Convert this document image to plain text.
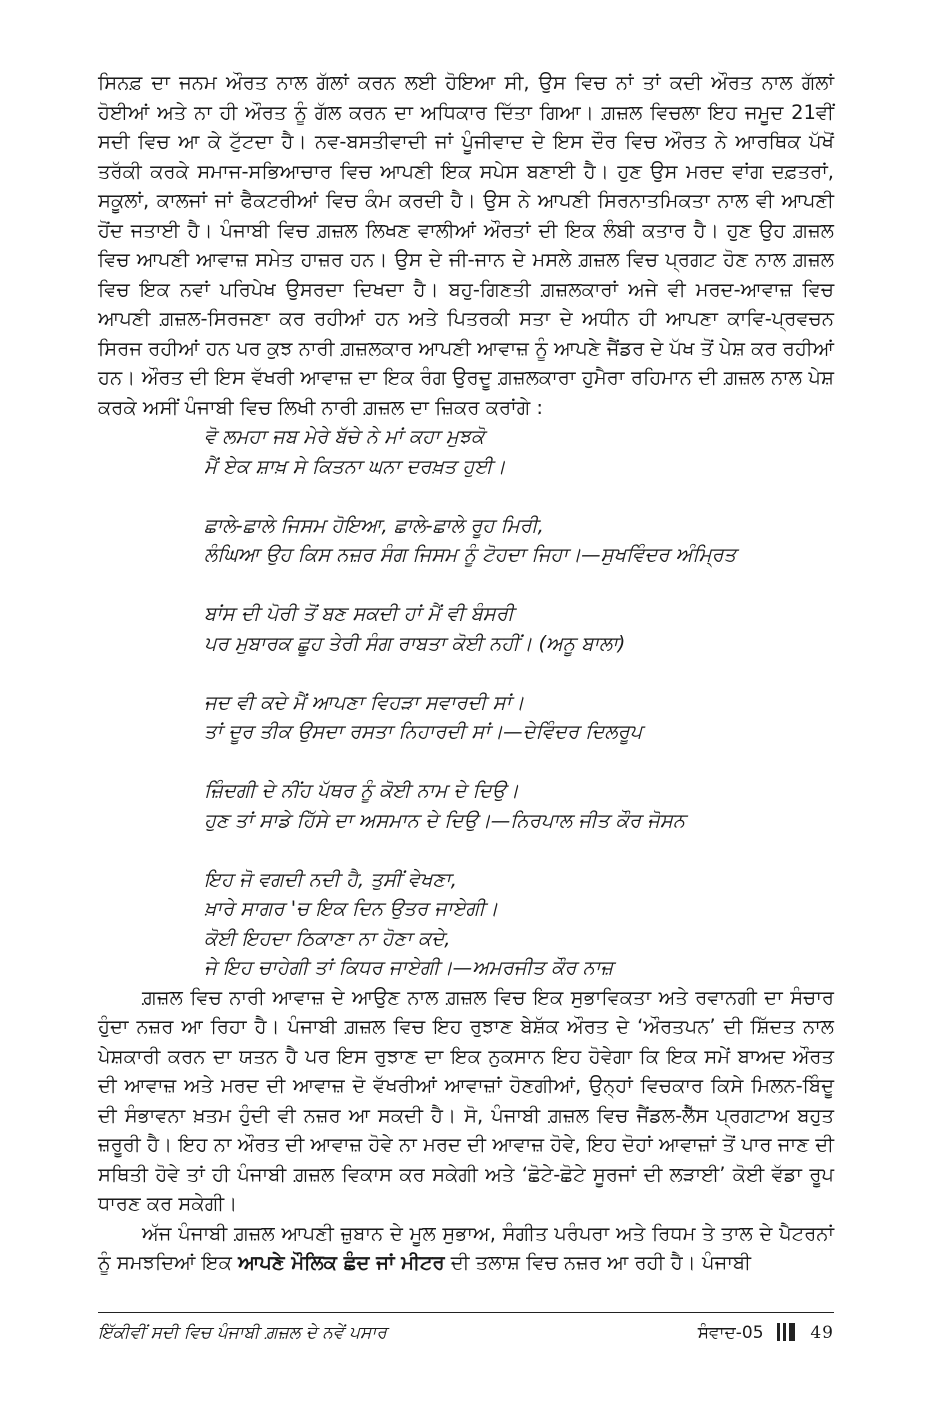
ਸਿਨਫ਼ ਦਾ ਜਨਮ ਔਰਤ ਨਾਲ ਗੱਲਾਂ ਕਰਨ ਲਈ ਹੋਇਆ ਸੀ, ਉਸ ਵਿਚ ਨਾਂ ਤਾਂ ਕਦੀ ਔਰਤ ਨਾਲ ਗੱਲਾਂ ਹੋਈਆਂ ਅਤੇ ਨਾ ਹੀ ਔਰਤ ਨੂੰ ਗੱਲ ਕਰਨ ਦਾ ਅਧਿਕਾਰ ਦਿੱਤਾ ਗਿਆ। ਗ਼ਜ਼ਲ ਵਿਚਲਾ ਇਹ ਜਮੂਦ 21ਵੀਂ ਸਦੀ ਵਿਚ ਆ ਕੇ ਟੁੱਟਦਾ ਹੈ। ਨਵ-ਬਸਤੀਵਾਦੀ ਜਾਂ ਪੂੰਜੀਵਾਦ ਦੇ ਇਸ ਦੌਰ ਵਿਚ ਔਰਤ ਨੇ ਆਰਥਿਕ ਪੱਖੋਂ ਤਰੱਕੀ ਕਰਕੇ ਸਮਾਜ-ਸਭਿਆਚਾਰ ਵਿਚ ਆਪਣੀ ਇਕ ਸਪੇਸ ਬਣਾਈ ਹੈ। ਹੁਣ ਉਸ ਮਰਦ ਵਾਂਗ ਦਫ਼ਤਰਾਂ, ਸਕੂਲਾਂ, ਕਾਲਜਾਂ ਜਾਂ ਫੈਕਟਰੀਆਂ ਵਿਚ ਕੰਮ ਕਰਦੀ ਹੈ। ਉਸ ਨੇ ਆਪਣੀ ਸਿਰਨਾਤਮਿਕਤਾ ਨਾਲ ਵੀ ਆਪਣੀ ਹੋਂਦ ਜਤਾਈ ਹੈ। ਪੰਜਾਬੀ ਵਿਚ ਗ਼ਜ਼ਲ ਲਿਖਣ ਵਾਲੀਆਂ ਔਰਤਾਂ ਦੀ ਇਕ ਲੰਬੀ ਕਤਾਰ ਹੈ। ਹੁਣ ਉਹ ਗ਼ਜ਼ਲ ਵਿਚ ਆਪਣੀ ਆਵਾਜ਼ ਸਮੇਤ ਹਾਜ਼ਰ ਹਨ। ਉਸ ਦੇ ਜੀ-ਜਾਨ ਦੇ ਮਸਲੇ ਗ਼ਜ਼ਲ ਵਿਚ ਪ੍ਰਗਟ ਹੋਣ ਨਾਲ ਗ਼ਜ਼ਲ ਵਿਚ ਇਕ ਨਵਾਂ ਪਰਿਪੇਖ ਉਸਰਦਾ ਦਿਖਦਾ ਹੈ। ਬਹੁ-ਗਿਣਤੀ ਗ਼ਜ਼ਲਕਾਰਾਂ ਅਜੇ ਵੀ ਮਰਦ-ਆਵਾਜ਼ ਵਿਚ ਆਪਣੀ ਗ਼ਜ਼ਲ-ਸਿਰਜਣਾ ਕਰ ਰਹੀਆਂ ਹਨ ਅਤੇ ਪਿਤਰਕੀ ਸਤਾ ਦੇ ਅਧੀਨ ਹੀ ਆਪਣਾ ਕਾਵਿ-ਪ੍ਰਵਚਨ ਸਿਰਜ ਰਹੀਆਂ ਹਨ ਪਰ ਕੁਝ ਨਾਰੀ ਗ਼ਜ਼ਲਕਾਰ ਆਪਣੀ ਆਵਾਜ਼ ਨੂੰ ਆਪਣੇ ਜੈਂਡਰ ਦੇ ਪੱਖ ਤੋਂ ਪੇਸ਼ ਕਰ ਰਹੀਆਂ ਹਨ। ਔਰਤ ਦੀ ਇਸ ਵੱਖਰੀ ਆਵਾਜ਼ ਦਾ ਇਕ ਰੰਗ ਉਰਦੂ ਗ਼ਜ਼ਲਕਾਰਾ ਹੁਮੈਰਾ ਰਹਿਮਾਨ ਦੀ ਗ਼ਜ਼ਲ ਨਾਲ ਪੇਸ਼ ਕਰਕੇ ਅਸੀਂ ਪੰਜਾਬੀ ਵਿਚ ਲਿਖੀ ਨਾਰੀ ਗ਼ਜ਼ਲ ਦਾ ਜ਼ਿਕਰ ਕਰਾਂਗੇ :

ਵੋ ਲਮਹਾ ਜਬ ਮੇਰੇ ਬੱਚੇ ਨੇ ਮਾਂ ਕਹਾ ਮੁਝਕੋ
ਮੈਂ ਏਕ ਸ਼ਾਖ਼ ਸੇ ਕਿਤਨਾ ਘਨਾ ਦਰਖ਼ਤ ਹੁਈ।
ਛਾਲੇ-ਛਾਲੇ ਜਿਸਮ ਹੋਇਆ, ਛਾਲੇ-ਛਾਲੇ ਰੂਹ ਮਿਰੀ,
ਲੰਘਿਆ ਉਹ ਕਿਸ ਨਜ਼ਰ ਸੰਗ ਜਿਸਮ ਨੂੰ ਟੋਹਦਾ ਜਿਹਾ।—ਸੁਖਵਿੰਦਰ ਅੰਮ੍ਰਿਤ
ਬਾਂਸ ਦੀ ਪੋਰੀ ਤੋਂ ਬਣ ਸਕਦੀ ਹਾਂ ਮੈਂ ਵੀ ਬੰਸਰੀ
ਪਰ ਮੁਬਾਰਕ ਛੂਹ ਤੇਰੀ ਸੰਗ ਰਾਬਤਾ ਕੋਈ ਨਹੀਂ। (ਅਨੂ ਬਾਲਾ)
ਜਦ ਵੀ ਕਦੇ ਮੈਂ ਆਪਣਾ ਵਿਹੜਾ ਸਵਾਰਦੀ ਸਾਂ।
ਤਾਂ ਦੂਰ ਤੀਕ ਉਸਦਾ ਰਸਤਾ ਨਿਹਾਰਦੀ ਸਾਂ।—ਦੇਵਿੰਦਰ ਦਿਲਰੂਪ
ਜ਼ਿੰਦਗੀ ਦੇ ਨੀਂਹ ਪੱਥਰ ਨੂੰ ਕੋਈ ਨਾਮ ਦੇ ਦਿਉ।
ਹੁਣ ਤਾਂ ਸਾਡੇ ਹਿੱਸੇ ਦਾ ਅਸਮਾਨ ਦੇ ਦਿਉ।—ਨਿਰਪਾਲ ਜੀਤ ਕੌਰ ਜੋਸਨ
ਇਹ ਜੋ ਵਗਦੀ ਨਦੀ ਹੈ, ਤੁਸੀਂ ਵੇਖਣਾ,
ਖ਼ਾਰੇ ਸਾਗਰ 'ਚ ਇਕ ਦਿਨ ਉਤਰ ਜਾਏਗੀ।
ਕੋਈ ਇਹਦਾ ਠਿਕਾਣਾ ਨਾ ਹੋਣਾ ਕਦੇ,
ਜੇ ਇਹ ਚਾਹੇਗੀ ਤਾਂ ਕਿਧਰ ਜਾਏਗੀ।—ਅਮਰਜੀਤ ਕੌਰ ਨਾਜ਼

ਗ਼ਜ਼ਲ ਵਿਚ ਨਾਰੀ ਆਵਾਜ਼ ਦੇ ਆਉਣ ਨਾਲ ਗ਼ਜ਼ਲ ਵਿਚ ਇਕ ਸੁਭਾਵਿਕਤਾ ਅਤੇ ਰਵਾਨਗੀ ਦਾ ਸੰਚਾਰ ਹੁੰਦਾ ਨਜ਼ਰ ਆ ਰਿਹਾ ਹੈ। ਪੰਜਾਬੀ ਗ਼ਜ਼ਲ ਵਿਚ ਇਹ ਰੁਝਾਣ ਬੇਸ਼ੱਕ ਔਰਤ ਦੇ ‘ਔਰਤਪਨ’ ਦੀ ਸ਼ਿੱਦਤ ਨਾਲ ਪੇਸ਼ਕਾਰੀ ਕਰਨ ਦਾ ਯਤਨ ਹੈ ਪਰ ਇਸ ਰੁਝਾਣ ਦਾ ਇਕ ਨੁਕਸਾਨ ਇਹ ਹੋਵੇਗਾ ਕਿ ਇਕ ਸਮੇਂ ਬਾਅਦ ਔਰਤ ਦੀ ਆਵਾਜ਼ ਅਤੇ ਮਰਦ ਦੀ ਆਵਾਜ਼ ਦੋ ਵੱਖਰੀਆਂ ਆਵਾਜ਼ਾਂ ਹੋਣਗੀਆਂ, ਉਨ੍ਹਾਂ ਵਿਚਕਾਰ ਕਿਸੇ ਮਿਲਨ-ਬਿੰਦੂ ਦੀ ਸੰਭਾਵਨਾ ਖ਼ਤਮ ਹੁੰਦੀ ਵੀ ਨਜ਼ਰ ਆ ਸਕਦੀ ਹੈ। ਸੋ, ਪੰਜਾਬੀ ਗ਼ਜ਼ਲ ਵਿਚ ਜੈਂਡਲ-ਲੈੱਸ ਪ੍ਰਗਟਾਅ ਬਹੁਤ ਜ਼ਰੂਰੀ ਹੈ। ਇਹ ਨਾ ਔਰਤ ਦੀ ਆਵਾਜ਼ ਹੋਵੇ ਨਾ ਮਰਦ ਦੀ ਆਵਾਜ਼ ਹੋਵੇ, ਇਹ ਦੋਹਾਂ ਆਵਾਜ਼ਾਂ ਤੋਂ ਪਾਰ ਜਾਣ ਦੀ ਸਥਿਤੀ ਹੋਵੇ ਤਾਂ ਹੀ ਪੰਜਾਬੀ ਗ਼ਜ਼ਲ ਵਿਕਾਸ ਕਰ ਸਕੇਗੀ ਅਤੇ ‘ਛੋਟੇ-ਛੋਟੇ ਸੂਰਜਾਂ ਦੀ ਲੜਾਈ’ ਕੋਈ ਵੱਡਾ ਰੂਪ ਧਾਰਣ ਕਰ ਸਕੇਗੀ।

ਅੱਜ ਪੰਜਾਬੀ ਗ਼ਜ਼ਲ ਆਪਣੀ ਜ਼ੁਬਾਨ ਦੇ ਮੂਲ ਸੁਭਾਅ, ਸੰਗੀਤ ਪਰੰਪਰਾ ਅਤੇ ਰਿਧਮ ਤੇ ਤਾਲ ਦੇ ਪੈਟਰਨਾਂ ਨੂੰ ਸਮਝਦਿਆਂ ਇਕ ਆਪਣੇ ਮੌਲਿਕ ਛੰਦ ਜਾਂ ਮੀਟਰ ਦੀ ਤਲਾਸ਼ ਵਿਚ ਨਜ਼ਰ ਆ ਰਹੀ ਹੈ। ਪੰਜਾਬੀ

ਇੱਕੀਵੀਂ ਸਦੀ ਵਿਚ ਪੰਜਾਬੀ ਗ਼ਜ਼ਲ ਦੇ ਨਵੇਂ ਪਸਾਰ	ਸੰਵਾਦ-05	49
